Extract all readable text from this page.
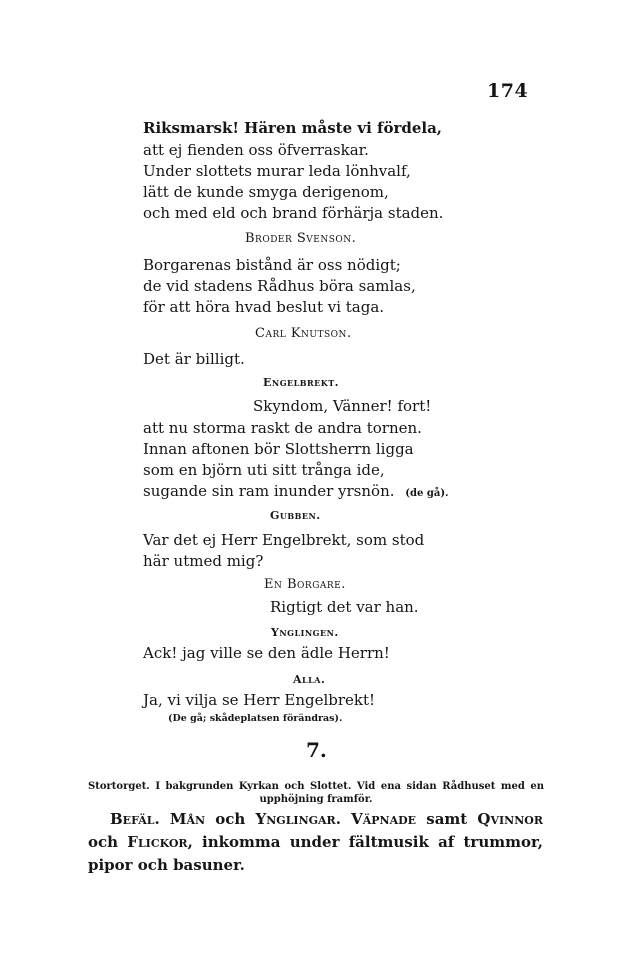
174
Riksmarsk! Hären måste vi fördela,
att ej fienden oss öfverraskar.
Under slottets murar leda lönhvalf,
lätt de kunde smyga derigenom,
och med eld och brand förhärja staden.
Broder Svenson.
Borgarenas bistånd är oss nödigt;
de vid stadens Rådhus böra samlas,
för att höra hvad beslut vi taga.
Carl Knutson.
Det är billigt.
Engelbrekt.
Skyndom, Vänner! fort!
att nu storma raskt de andra tornen.
Innan aftonen bör Slottsherrn ligga
som en björn uti sitt trånga ide,
sugande sin ram inunder yrsnön. (de gå).
Gubben.
Var det ej Herr Engelbrekt, som stod
här utmed mig?
En Borgare.
Rigtigt det var han.
Ynglingen.
Ack! jag ville se den ädle Herrn!
Alla.
Ja, vi vilja se Herr Engelbrekt!
(De gå; skådeplatsen förändras).
7.
Stortorget. I bakgrunden Kyrkan och Slottet. Vid ena sidan Rådhuset med en
upphöjning framför.
Befäl. Mån och Ynglingar. Väpnade samt Qvinnor och Flickor, inkomma under fältmusik af trummor, pipor och basuner.
